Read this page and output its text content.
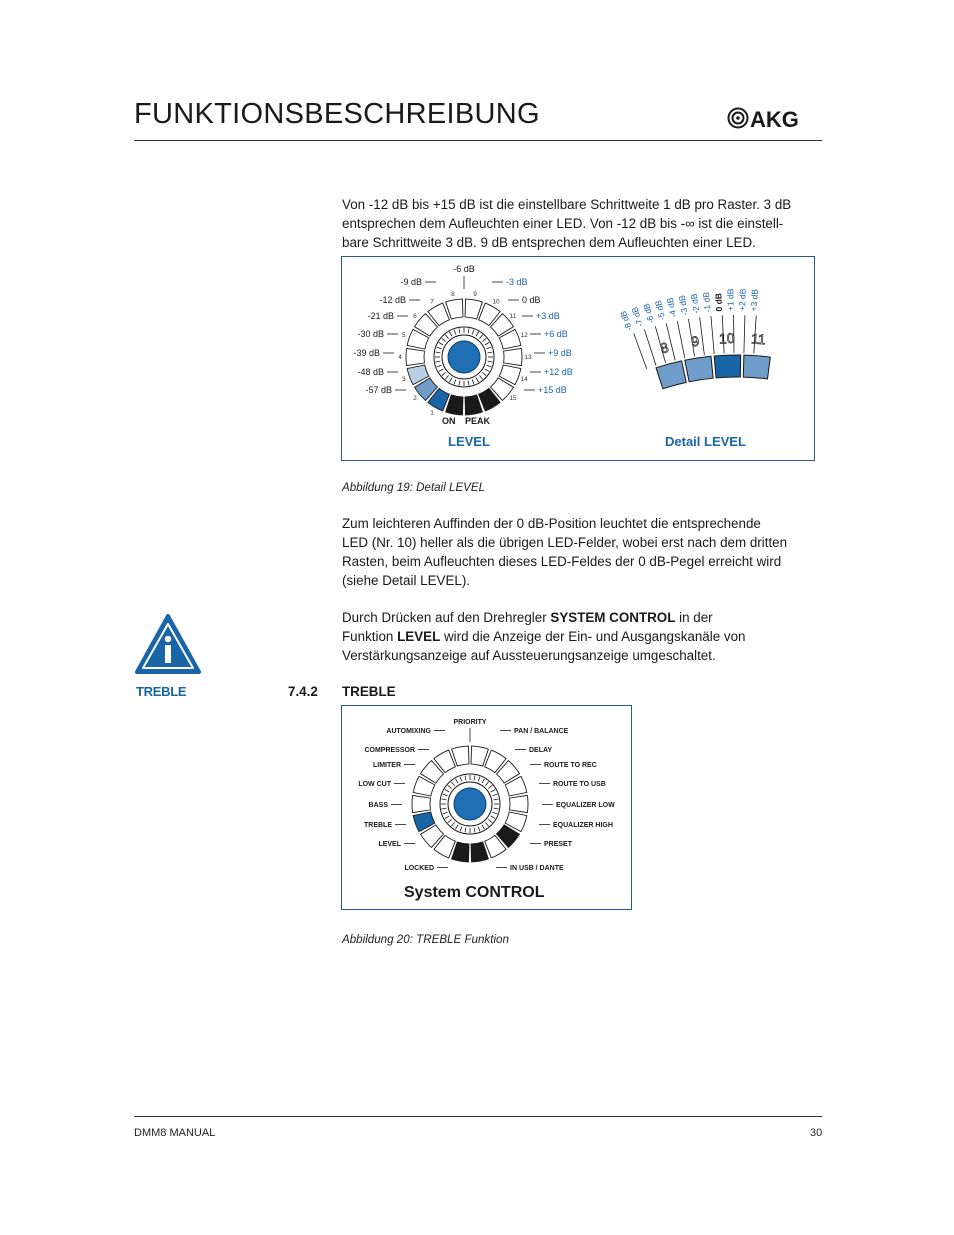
FUNKTIONSBESCHREIBUNG	AKG
Von -12 dB bis +15 dB ist die einstellbare Schrittweite 1 dB pro Raster. 3 dB
entsprechen dem Aufleuchten einer LED. Von -12 dB bis -∞ ist die einstell-
bare Schrittweite 3 dB. 9 dB entsprechen dem Aufleuchten einer LED.
1
2
3
4
5
6
7
8	9
10
11
12
13
14
15
-57 dB
-48 dB
-39 dB
-30 dB
-21 dB
-12 dB
-9 dB
-6 dB
-3 dB
0 dB
+3 dB
+6 dB
+9 dB
+12 dB
+15 dB
ON PEAK
LEVEL
-8 dB
-7 dB
-6 dB
-5 dB
-4 dB
-3 dB
-2 dB -1 dB 0 dB +1 dB +2 dB +3 dB
8 9 10 11
Detail LEVEL
Abbildung 19: Detail LEVEL
Zum leichteren Auffinden der 0 dB-Position leuchtet die entsprechende
LED (Nr. 10) heller als die übrigen LED-Felder, wobei erst nach dem dritten
Rasten, beim Aufleuchten dieses LED-Feldes der 0 dB-Pegel erreicht wird
(siehe Detail LEVEL).
Durch Drücken auf den Drehregler SYSTEM CONTROL in der
Funktion LEVEL wird die Anzeige der Ein- und Ausgangskanäle von
Verstärkungsanzeige auf Aussteuerungsanzeige umgeschaltet.
TREBLE	7.4.2 TREBLE
PRIORITY
AUTOMIXING
COMPRESSOR
LIMITER
LOW CUT
BASS
TREBLE
LEVEL
LOCKED
PAN / BALANCE
DELAY
ROUTE TO REC
ROUTE TO USB
EQUALIZER LOW
EQUALIZER HIGH
PRESET
IN USB / DANTE
System CONTROL
Abbildung 20: TREBLE Funktion
DMM8 MANUAL	30
